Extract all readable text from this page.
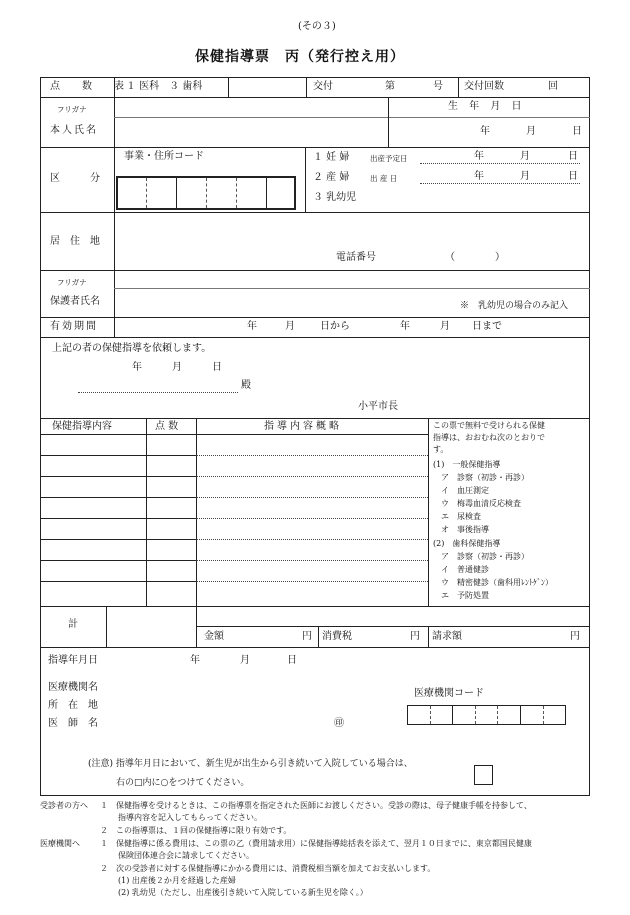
(その３)
保健指導票　丙（発行控え用）
点　数　表
１ 医科　３ 歯科	交付	第	号 交付回数	回
フリガナ
本人氏名
生 年 月 日
年	月	日
区　　　分
事業・住所コード	１ 妊 婦	出産予定日	年	月	日
２ 産 婦	出 産 日	年	月	日
３ 乳幼児
居　住　地
電話番号	（　　　　）
フリガナ
保護者氏名	※　乳幼児の場合のみ記入
有効期間	年	月	日から	年	月 日まで
上記の者の保健指導を依頼します。
年　　　月　　　日
殿
小平市長
保健指導内容	点 数	指導内容概略	この票で無料で受けられる保健
指導は、おおむね次のとおりで
す。
(1)　一般保健指導
　ア　診察（初診・再診）
　イ　血圧測定
　ウ　梅毒血清反応検査
　エ　尿検査
　オ　事後指導
(2)　歯科保健指導
　ア　診察（初診・再診）
　イ　普通健診
　ウ　精密健診（歯科用ﾚﾝﾄｹﾞﾝ）
　エ　予防処置
計
金額	円 消費税	円 請求額	円
指導年月日	年	月	日
医療機関名
所　在　地
医　師　名	㊞
医療機関コード
(注意) 指導年月日において、新生児が出生から引き続いて入院している場合は、
右の□内に○をつけてください。
受診者の方へ １　保健指導を受けるときは、この指導票を指定された医師にお渡しください。受診の際は、母子健康手帳を持参して、
指導内容を記入してもらってください。
２　この指導票は、１回の保健指導に限り有効です。
医療機関へ	１　保健指導に係る費用は、この票の乙（費用請求用）に保健指導総括表を添えて、翌月１０日までに、東京都国民健康
保険団体連合会に請求してください。
２　次の受診者に対する保健指導にかかる費用には、消費税相当額を加えてお支払いします。
(1) 出産後２か月を経過した産婦
(2) 乳幼児（ただし、出産後引き続いて入院している新生児を除く。）
